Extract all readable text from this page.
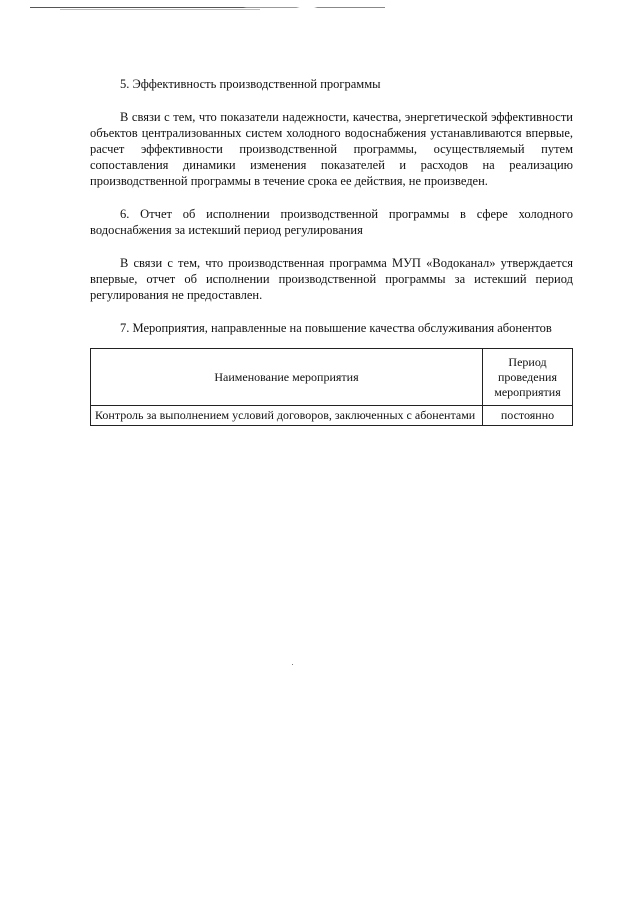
5. Эффективность производственной программы

В связи с тем, что показатели надежности, качества, энергетической эффективности объектов централизованных систем холодного водоснабжения устанавливаются впервые, расчет эффективности производственной программы, осуществляемый путем сопоставления динамики изменения показателей и расходов на реализацию производственной программы в течение срока ее действия, не произведен.

6. Отчет об исполнении производственной программы в сфере холодного водоснабжения за истекший период регулирования

В связи с тем, что производственная программа МУП «Водоканал» утверждается впервые, отчет об исполнении производственной программы за истекший период регулирования не предоставлен.

7. Мероприятия, направленные на повышение качества обслуживания абонентов

Наименование мероприятия	Период проведения мероприятия
Контроль за выполнением условий договоров, заключенных с абонентами	постоянно
